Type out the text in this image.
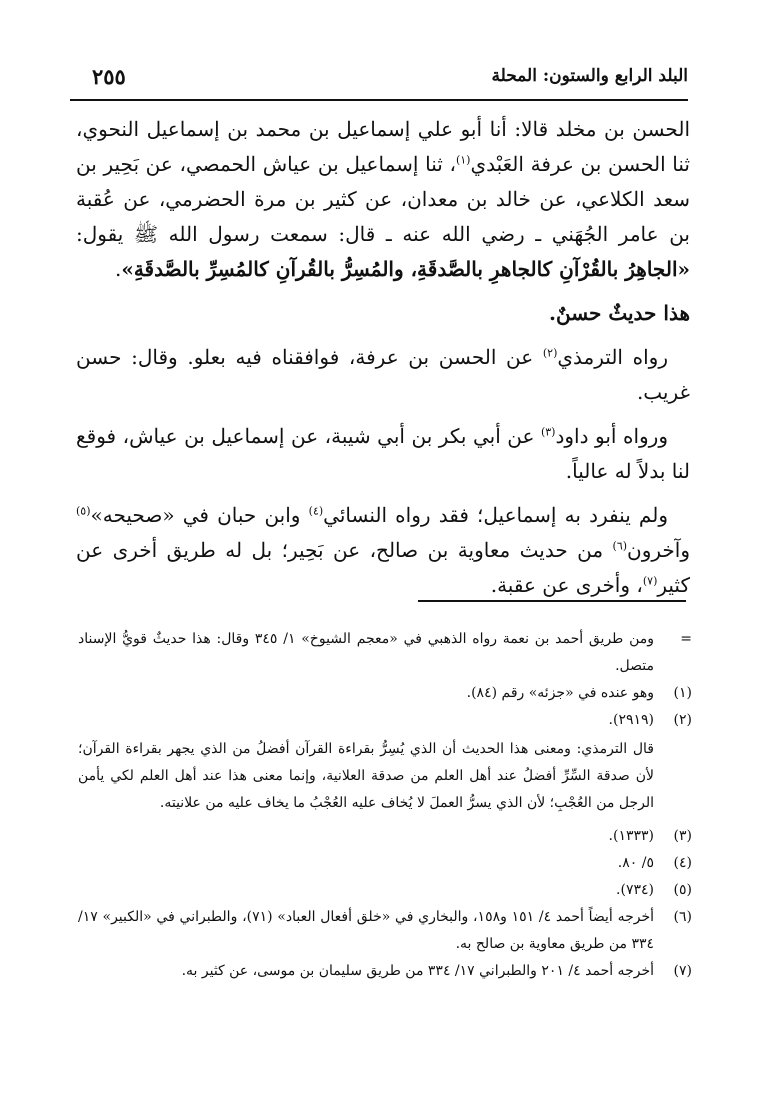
البلد الرابع والستون: المحلة
٢٥٥

الحسن بن مخلد قالا: أنا أبو علي إسماعيل بن محمد بن إسماعيل النحوي، ثنا الحسن بن عرفة العَبْدي$^{(١)}$، ثنا إسماعيل بن عياش الحمصي، عن بَحِير بن سعد الكلاعي، عن خالد بن معدان، عن كثير بن مرة الحضرمي، عن عُقبة بن عامر الجُهَني ـ رضي الله عنه ـ قال: سمعت رسول الله ﷺ يقول: «الجاهِرُ بالقُرْآنِ كالجاهرِ بالصَّدقَةِ، والمُسِرُّ بالقُرآنِ كالمُسِرِّ بالصَّدقَةِ».

هذا حديثٌ حسنٌ.

رواه الترمذي$^{(٢)}$ عن الحسن بن عرفة، فوافقناه فيه بعلو. وقال: حسن غريب.

ورواه أبو داود$^{(٣)}$ عن أبي بكر بن أبي شيبة، عن إسماعيل بن عياش، فوقع لنا بدلاً له عالياً.

ولم ينفرد به إسماعيل؛ فقد رواه النسائي$^{(٤)}$ وابن حبان في «صحيحه»$^{(٥)}$ وآخرون$^{(٦)}$ من حديث معاوية بن صالح، عن بَحِير؛ بل له طريق أخرى عن كثير$^{(٧)}$، وأخرى عن عقبة.

=
ومن طريق أحمد بن نعمة رواه الذهبي في «معجم الشيوخ» ١/ ٣٤٥ وقال: هذا حديثٌ قويُّ الإسناد متصل.
(١)
وهو عنده في «جزئه» رقم (٨٤).
(٢)
(٢٩١٩).
قال الترمذي: ومعنى هذا الحديث أن الذي يُسِرُّ بقراءة القرآن أفضلُ من الذي يجهر بقراءة القرآن؛ لأن صدقة السِّرِّ أفضلُ عند أهل العلم من صدقة العلانية، وإنما معنى هذا عند أهل العلم لكي يأمن الرجل من العُجْبِ؛ لأن الذي يسرُّ العملَ لا يُخاف عليه العُجْبُ ما يخاف عليه من علانيته.
(٣)
(١٣٣٣).
(٤)
٥/ ٨٠.
(٥)
(٧٣٤).
(٦)
أخرجه أيضاً أحمد ٤/ ١٥١ و١٥٨، والبخاري في «خلق أفعال العباد» (٧١)، والطبراني في «الكبير» ١٧/ ٣٣٤ من طريق معاوية بن صالح به.
(٧)
أخرجه أحمد ٤/ ٢٠١ والطبراني ١٧/ ٣٣٤ من طريق سليمان بن موسى، عن كثير به.
